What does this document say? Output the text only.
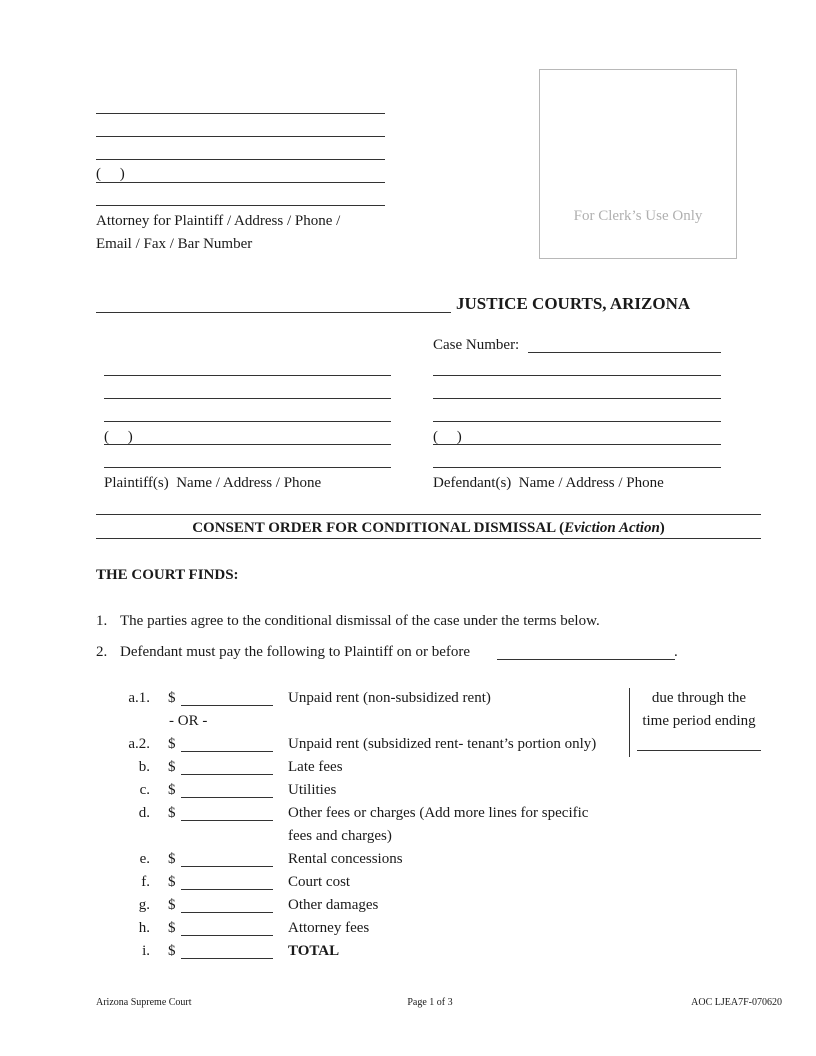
(     )
Attorney for Plaintiff / Address / Phone /
Email / Fax / Bar Number
For Clerk’s Use Only
JUSTICE COURTS, ARIZONA
Case Number:
(     )
Plaintiff(s)  Name / Address / Phone
(     )
Defendant(s)  Name / Address / Phone
CONSENT ORDER FOR CONDITIONAL DISMISSAL (Eviction Action)
THE COURT FINDS:
1. The parties agree to the conditional dismissal of the case under the terms below.
2. Defendant must pay the following to Plaintiff on or before	.
a.1. $	Unpaid rent (non-subsidized rent)
- OR -
a.2. $	Unpaid rent (subsidized rent- tenant’s portion only)
b. $	Late fees
c. $	Utilities
d. $	Other fees or charges (Add more lines for specific
fees and charges)
e. $	Rental concessions
f. $	Court cost
g. $	Other damages
h. $	Attorney fees
i. $	TOTAL
due through the
time period ending
Arizona Supreme Court	Page 1 of 3	AOC LJEA7F-070620
